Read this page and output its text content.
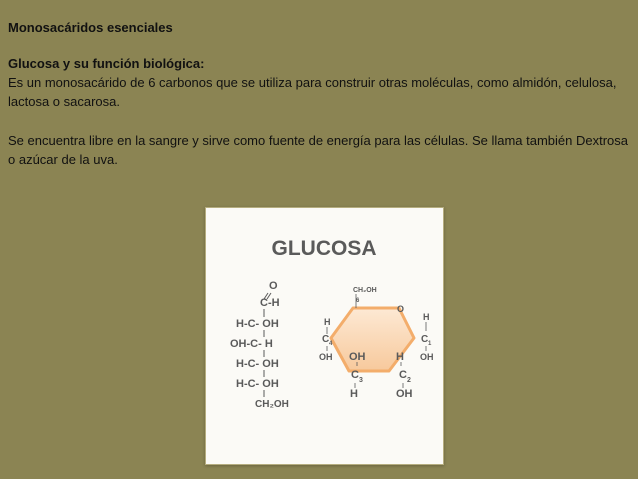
Monosacáridos esenciales

Glucosa y su función biológica:

Es un monosacárido de 6 carbonos que se utiliza para construir otras moléculas, como almidón, celulosa, lactosa o sacarosa.

Se encuentra libre en la sangre y sirve como fuente de energía para las células. Se llama también Dextrosa o azúcar de la uva.

GLUCOSA
O
C-H
H-C- OH
OH-C- H
H-C- OH
H-C- OH
CH₂OH
CH₂OH
6
O
H	H
C 4	C 1
OH	OH
OH	H
C 3	C 2
H	OH
